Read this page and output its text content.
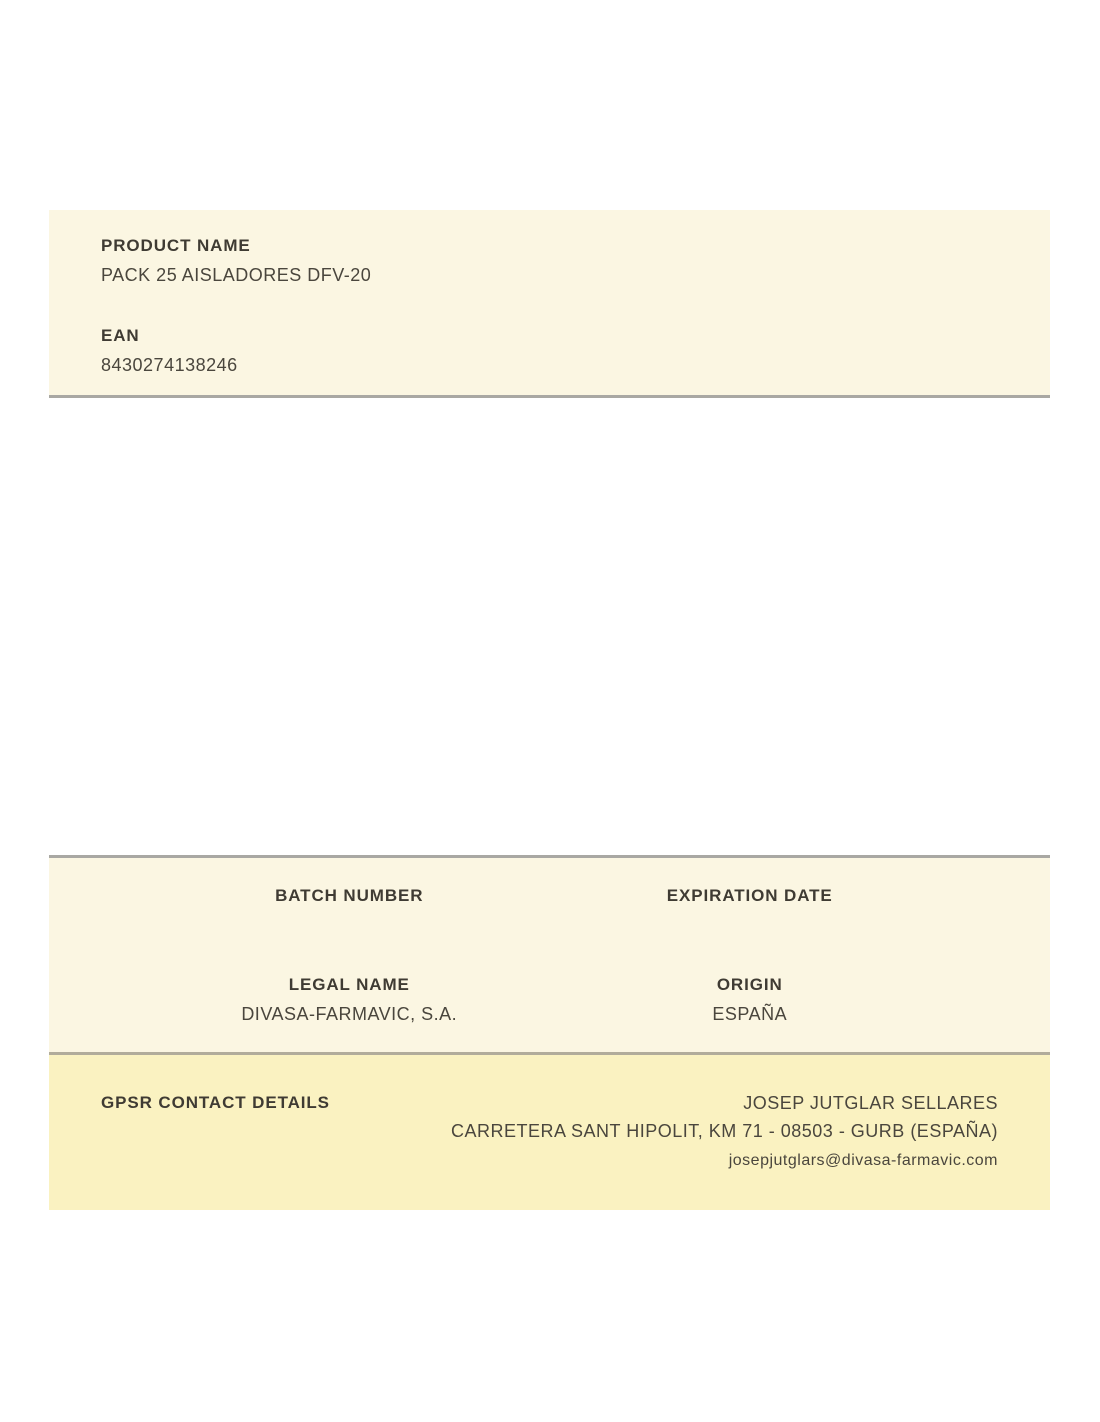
PRODUCT NAME
PACK 25 AISLADORES DFV-20
EAN
8430274138246
BATCH NUMBER	EXPIRATION DATE
LEGAL NAME
DIVASA-FARMAVIC, S.A.
ORIGIN
ESPAÑA
GPSR CONTACT DETAILS	JOSEP JUTGLAR SELLARES
CARRETERA SANT HIPOLIT, KM 71 - 08503 - GURB (ESPAÑA)
josepjutglars@divasa-farmavic.com
